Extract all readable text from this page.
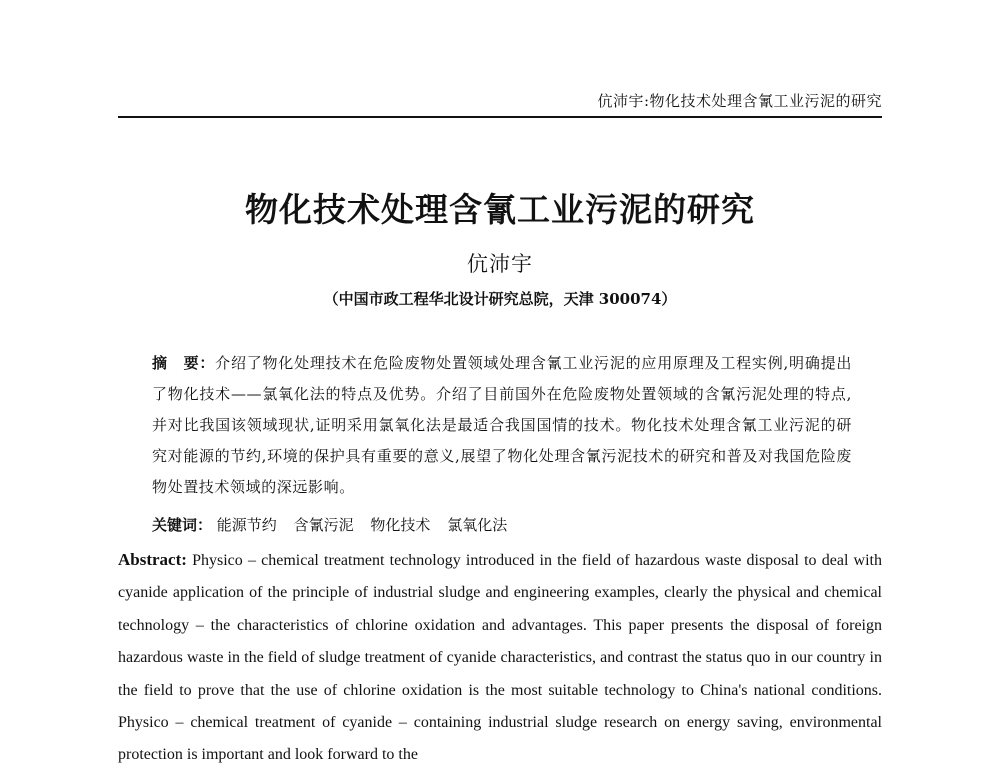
伉沛宇:物化技术处理含氰工业污泥的研究
物化技术处理含氰工业污泥的研究
伉沛宇
（中国市政工程华北设计研究总院，天津 300074）

摘　要：介绍了物化处理技术在危险废物处置领域处理含氰工业污泥的应用原理及工程实例,明确提出了物化技术——氯氧化法的特点及优势。介绍了目前国外在危险废物处置领域的含氰污泥处理的特点,并对比我国该领域现状,证明采用氯氧化法是最适合我国国情的技术。物化技术处理含氰工业污泥的研究对能源的节约,环境的保护具有重要的意义,展望了物化处理含氰污泥技术的研究和普及对我国危险废物处置技术领域的深远影响。

关键词： 能源节约 含氰污泥 物化技术 氯氧化法

Abstract: Physico – chemical treatment technology introduced in the field of hazardous waste disposal to deal with cyanide application of the principle of industrial sludge and engineering examples, clearly the physical and chemical technology – the characteristics of chlorine oxidation and advantages. This paper presents the disposal of foreign hazardous waste in the field of sludge treatment of cyanide characteristics, and contrast the status quo in our country in the field to prove that the use of chlorine oxidation is the most suitable technology to China's national conditions. Physico – chemical treatment of cyanide – containing industrial sludge research on energy saving, environmental protection is important and look forward to the
